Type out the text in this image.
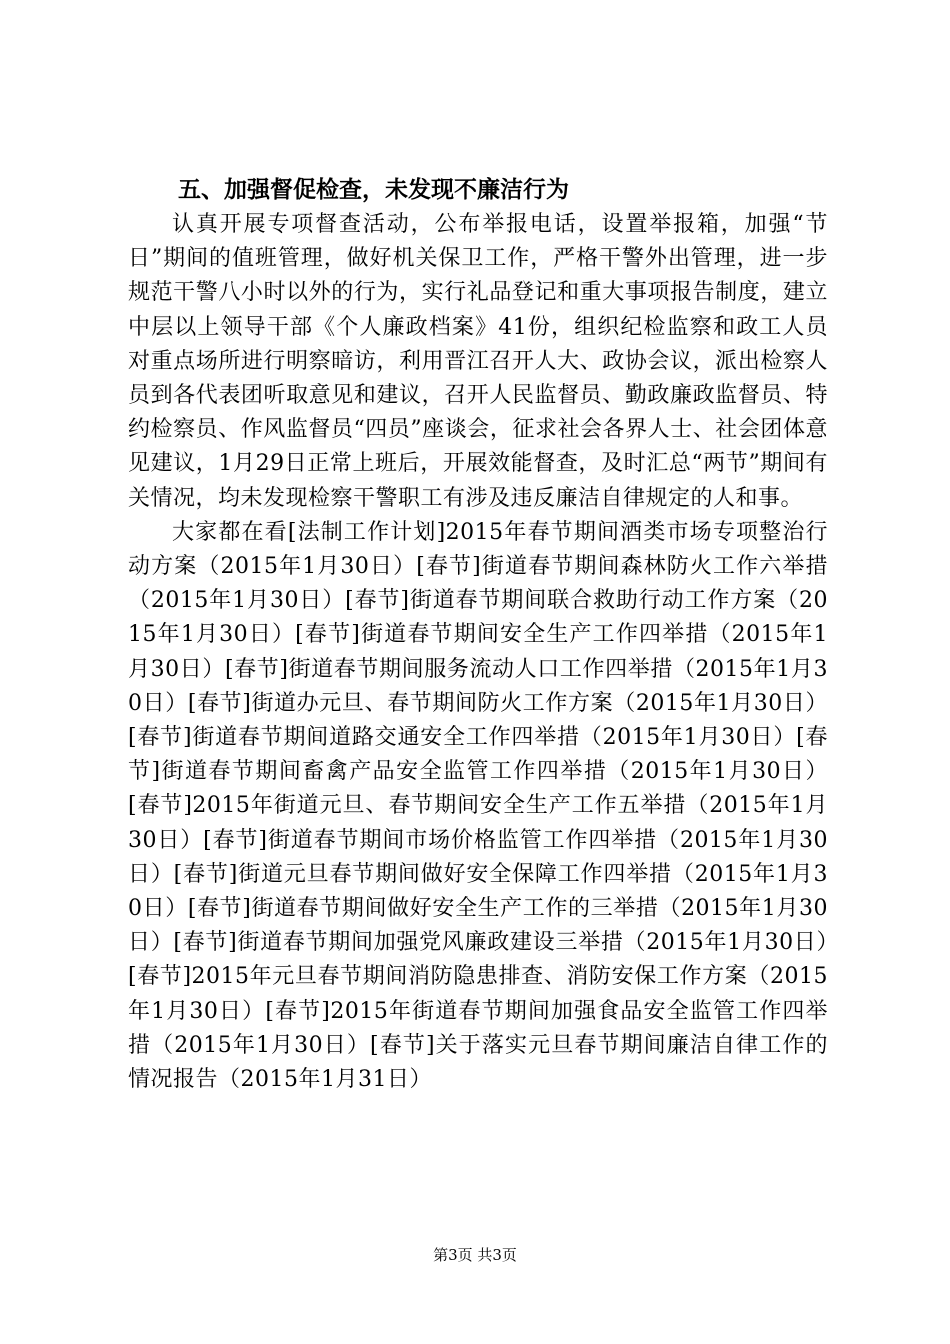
五、加强督促检查，未发现不廉洁行为

认真开展专项督查活动，公布举报电话，设置举报箱，加强“节日”期间的值班管理，做好机关保卫工作，严格干警外出管理，进一步规范干警八小时以外的行为，实行礼品登记和重大事项报告制度，建立中层以上领导干部《个人廉政档案》41份，组织纪检监察和政工人员对重点场所进行明察暗访，利用晋江召开人大、政协会议，派出检察人员到各代表团听取意见和建议，召开人民监督员、勤政廉政监督员、特约检察员、作风监督员“四员”座谈会，征求社会各界人士、社会团体意见建议，1月29日正常上班后，开展效能督查，及时汇总“两节”期间有关情况，均未发现检察干警职工有涉及违反廉洁自律规定的人和事。

大家都在看[法制工作计划]2015年春节期间酒类市场专项整治行动方案（2015年1月30日）[春节]街道春节期间森林防火工作六举措（2015年1月30日）[春节]街道春节期间联合救助行动工作方案（2015年1月30日）[春节]街道春节期间安全生产工作四举措（2015年1月30日）[春节]街道春节期间服务流动人口工作四举措（2015年1月30日）[春节]街道办元旦、春节期间防火工作方案（2015年1月30日）[春节]街道春节期间道路交通安全工作四举措（2015年1月30日）[春节]街道春节期间畜禽产品安全监管工作四举措（2015年1月30日）[春节]2015年街道元旦、春节期间安全生产工作五举措（2015年1月30日）[春节]街道春节期间市场价格监管工作四举措（2015年1月30日）[春节]街道元旦春节期间做好安全保障工作四举措（2015年1月30日）[春节]街道春节期间做好安全生产工作的三举措（2015年1月30日）[春节]街道春节期间加强党风廉政建设三举措（2015年1月30日）[春节]2015年元旦春节期间消防隐患排查、消防安保工作方案（2015年1月30日）[春节]2015年街道春节期间加强食品安全监管工作四举措（2015年1月30日）[春节]关于落实元旦春节期间廉洁自律工作的情况报告（2015年1月31日）

第3页 共3页
